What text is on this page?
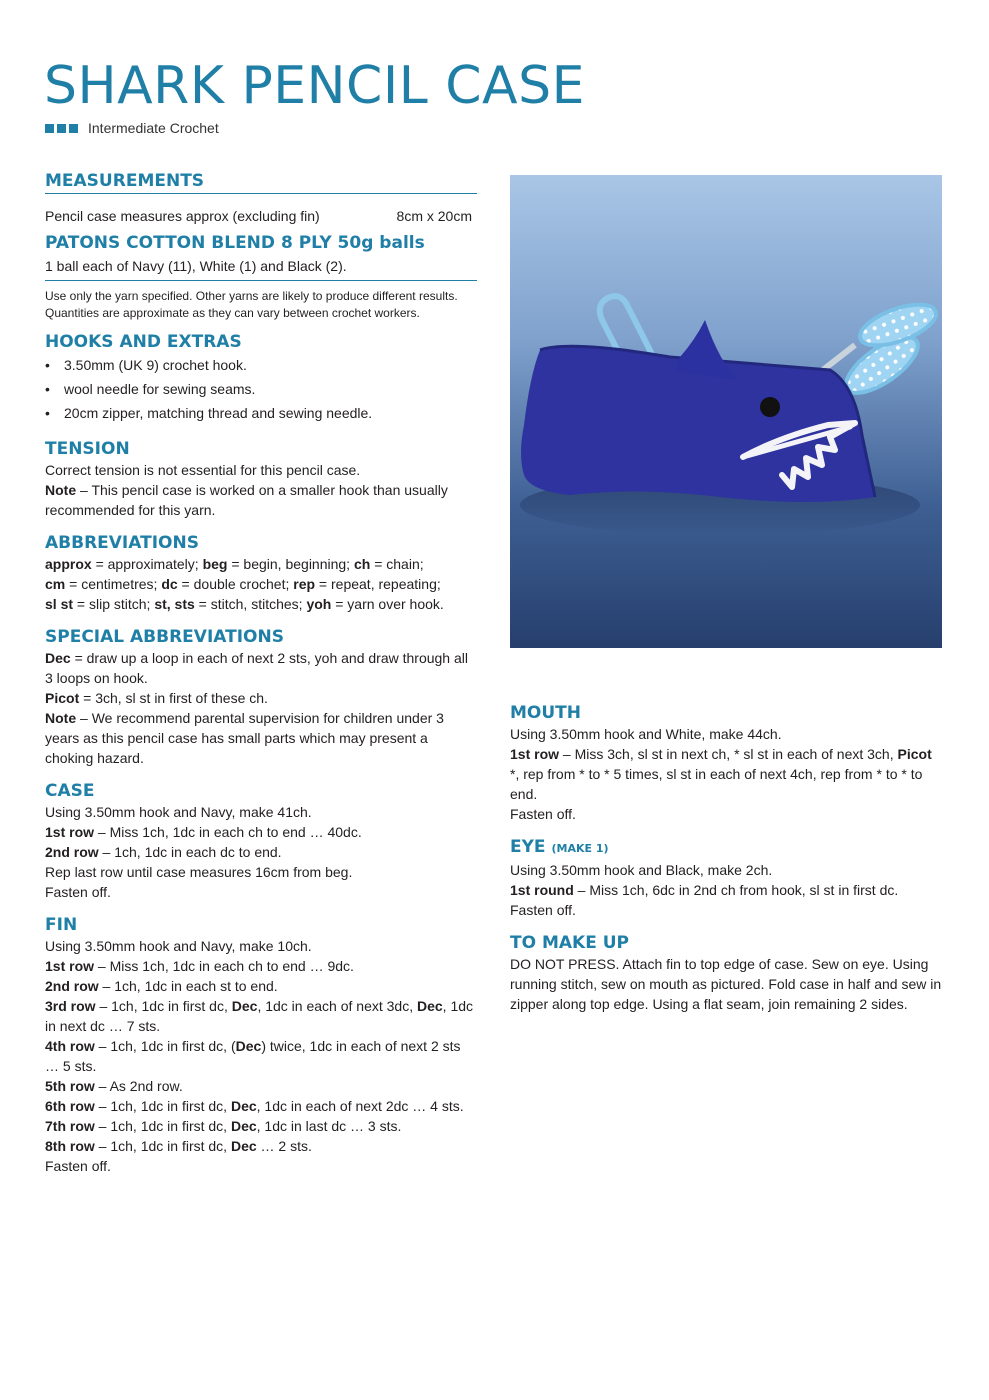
SHARK PENCIL CASE
Intermediate Crochet
MEASUREMENTS
Pencil case measures approx (excluding fin)	8cm x 20cm
PATONS COTTON BLEND 8 PLY 50g balls

1 ball each of Navy (11), White (1) and Black (2).

Use only the yarn specified. Other yarns are likely to produce different results.

Quantities are approximate as they can vary between crochet workers.

HOOKS AND EXTRAS
• 3.50mm (UK 9) crochet hook.
• wool needle for sewing seams.
• 20cm zipper, matching thread and sewing needle.
TENSION

Correct tension is not essential for this pencil case.

Note – This pencil case is worked on a smaller hook than usually recommended for this yarn.

ABBREVIATIONS

approx = approximately; beg = begin, beginning; ch = chain;
cm = centimetres; dc = double crochet; rep = repeat, repeating;
sl st = slip stitch; st, sts = stitch, stitches; yoh = yarn over hook.

SPECIAL ABBREVIATIONS

Dec = draw up a loop in each of next 2 sts, yoh and draw through all 3 loops on hook.

Picot = 3ch, sl st in first of these ch.

Note – We recommend parental supervision for children under 3 years as this pencil case has small parts which may present a choking hazard.

CASE

Using 3.50mm hook and Navy, make 41ch.

1st row – Miss 1ch, 1dc in each ch to end … 40dc.

2nd row – 1ch, 1dc in each dc to end.

Rep last row until case measures 16cm from beg.

Fasten off.

FIN

Using 3.50mm hook and Navy, make 10ch.

1st row – Miss 1ch, 1dc in each ch to end … 9dc.

2nd row – 1ch, 1dc in each st to end.

3rd row – 1ch, 1dc in first dc, Dec, 1dc in each of next 3dc, Dec, 1dc in next dc … 7 sts.

4th row – 1ch, 1dc in first dc, (Dec) twice, 1dc in each of next 2 sts … 5 sts.

5th row – As 2nd row.

6th row – 1ch, 1dc in first dc, Dec, 1dc in each of next 2dc … 4 sts.

7th row – 1ch, 1dc in first dc, Dec, 1dc in last dc … 3 sts.

8th row – 1ch, 1dc in first dc, Dec … 2 sts.

Fasten off.

MOUTH

Using 3.50mm hook and White, make 44ch.

1st row – Miss 3ch, sl st in next ch, * sl st in each of next 3ch, Picot *, rep from * to * 5 times, sl st in each of next 4ch, rep from * to * to end.

Fasten off.

EYE (MAKE 1)

Using 3.50mm hook and Black, make 2ch.

1st round – Miss 1ch, 6dc in 2nd ch from hook, sl st in first dc.

Fasten off.

TO MAKE UP

DO NOT PRESS. Attach fin to top edge of case. Sew on eye. Using running stitch, sew on mouth as pictured. Fold case in half and sew in zipper along top edge. Using a flat seam, join remaining 2 sides.
